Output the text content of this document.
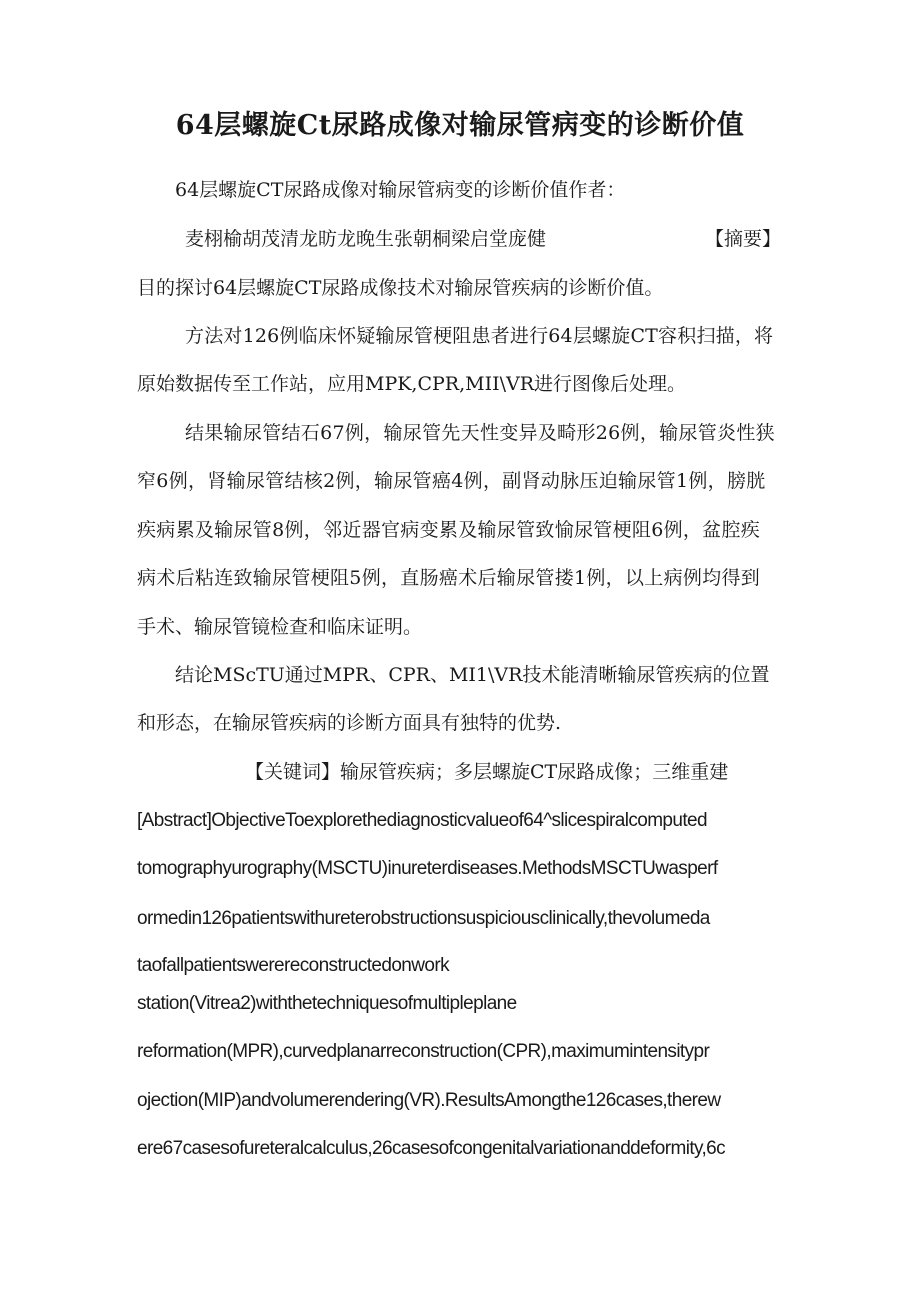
64层螺旋Ct尿路成像对输尿管病变的诊断价值

64层螺旋CT尿路成像对输尿管病变的诊断价值作者：

麦栩榆胡茂清龙昉龙晚生张朝桐梁启堂庞健	【摘要】

目的探讨64层螺旋CT尿路成像技术对输尿管疾病的诊断价值。

方法对126例临床怀疑输尿管梗阻患者进行64层螺旋CT容积扫描，将

原始数据传至工作站，应用MPK,CPR,MII\VR进行图像后处理。

结果输尿管结石67例，输尿管先天性变异及畸形26例，输尿管炎性狭

窄6例，肾输尿管结核2例，输尿管癌4例，副肾动脉压迫输尿管1例，膀胱

疾病累及输尿管8例，邻近器官病变累及输尿管致愉尿管梗阻6例，盆腔疾

病术后粘连致输尿管梗阻5例，直肠癌术后输尿管搂1例，以上病例均得到

手术、输尿管镜检查和临床证明。

结论MScTU通过MPR、CPR、MI1\VR技术能清晰输尿管疾病的位置

和形态，在输尿管疾病的诊断方面具有独特的优势.

【关键词】输尿管疾病；多层螺旋CT尿路成像；三维重建

[Abstract]ObjectiveToexplorethediagnosticvalueof64^slicespiralcomputed

tomographyurography(MSCTU)inureterdiseases.MethodsMSCTUwasperf

ormedin126patientswithureterobstructionsuspiciousclinically,thevolumeda

taofallpatientswerereconstructedonwork

station(Vitrea2)withthetechniquesofmultipleplane

reformation(MPR),curvedplanarreconstruction(CPR),maximumintensitypr

ojection(MIP)andvolumerendering(VR).ResultsAmongthe126cases,therew

ere67casesofureteralcalculus,26casesofcongenitalvariationanddeformity,6c
